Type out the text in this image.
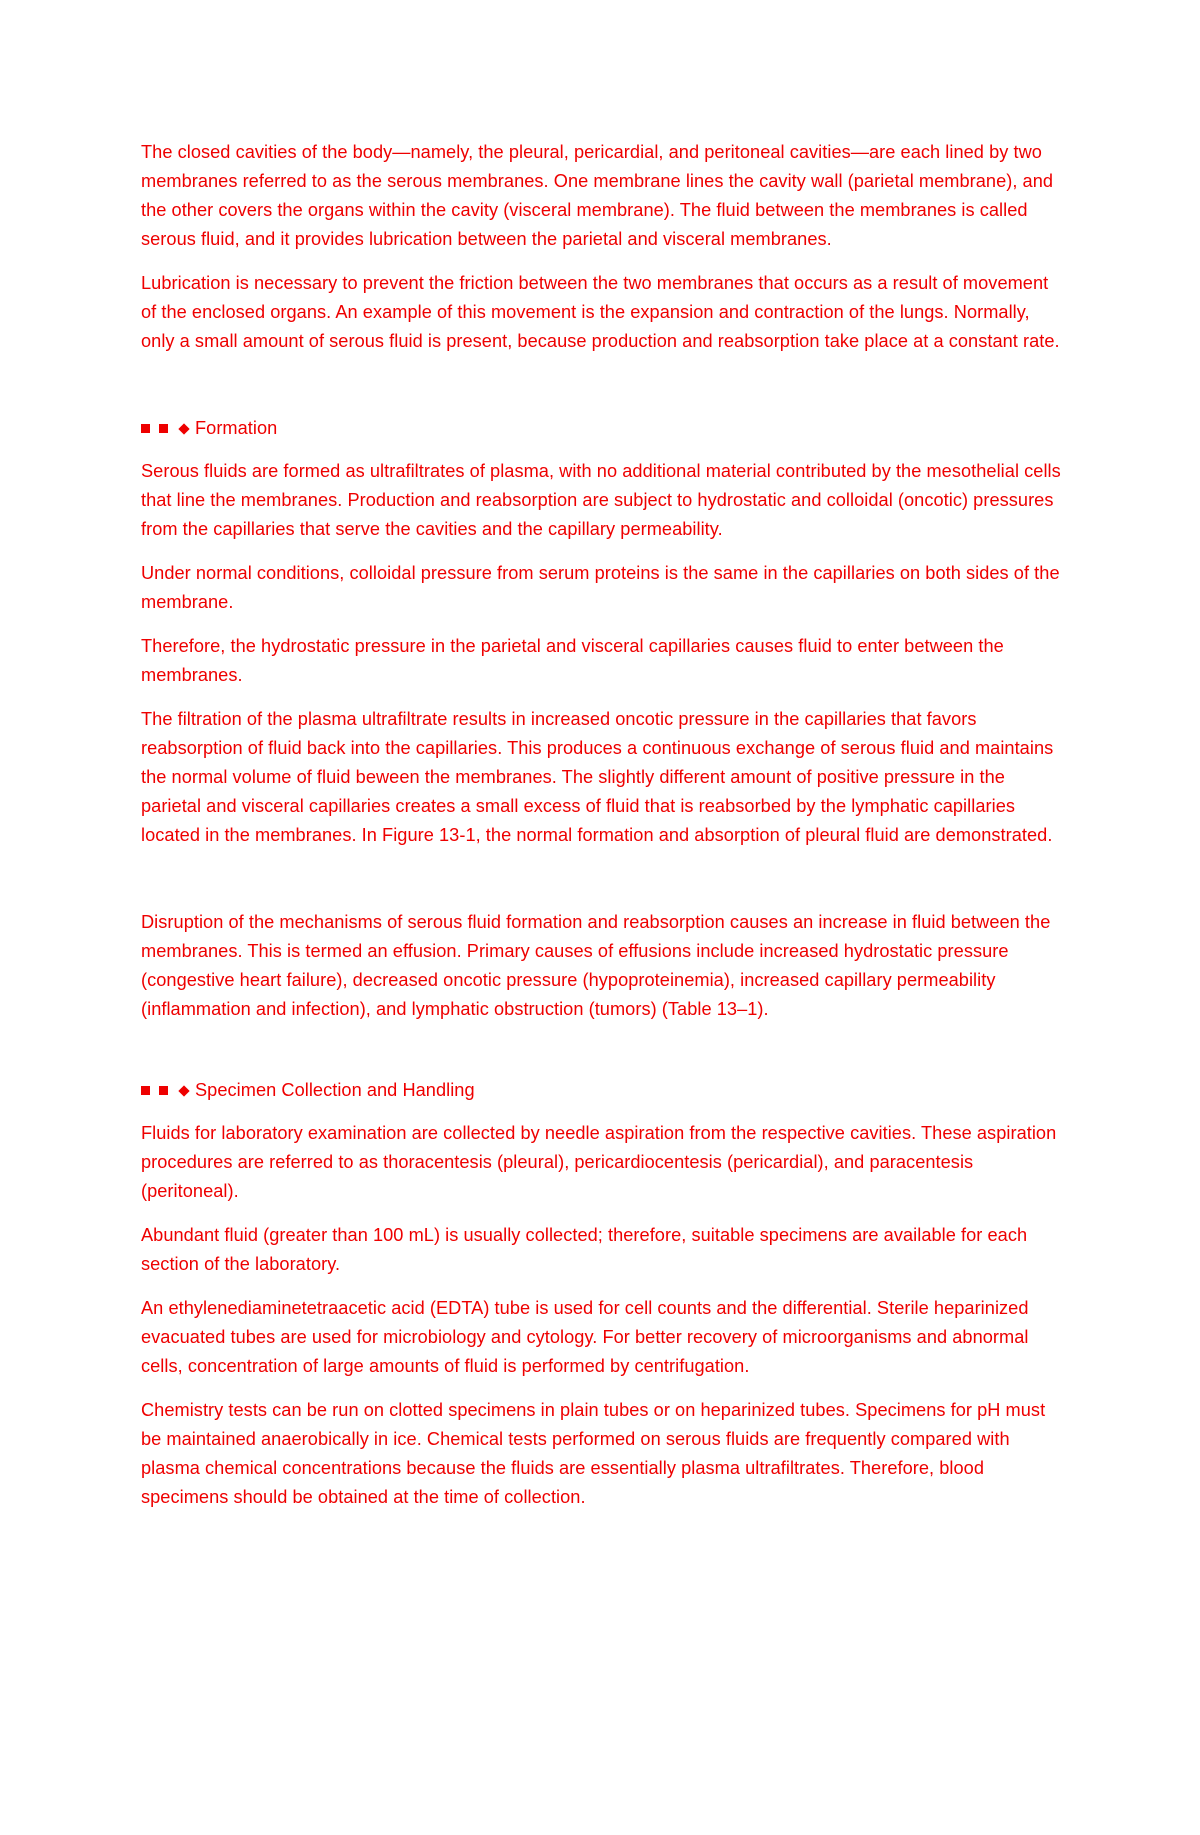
The closed cavities of the body—namely, the pleural, pericardial, and peritoneal cavities—are each lined by two membranes referred to as the serous membranes. One membrane lines the cavity wall (parietal membrane), and the other covers the organs within the cavity (visceral membrane). The fluid between the membranes is called serous fluid, and it provides lubrication between the parietal and visceral membranes.

Lubrication is necessary to prevent the friction between the two membranes that occurs as a result of movement of the enclosed organs. An example of this movement is the expansion and contraction of the lungs. Normally, only a small amount of serous fluid is present, because production and reabsorption take place at a constant rate.

Formation

Serous fluids are formed as ultrafiltrates of plasma, with no additional material contributed by the mesothelial cells that line the membranes. Production and reabsorption are subject to hydrostatic and colloidal (oncotic) pressures from the capillaries that serve the cavities and the capillary permeability.

Under normal conditions, colloidal pressure from serum proteins is the same in the capillaries on both sides of the membrane.

Therefore, the hydrostatic pressure in the parietal and visceral capillaries causes fluid to enter between the membranes.

The filtration of the plasma ultrafiltrate results in increased oncotic pressure in the capillaries that favors reabsorption of fluid back into the capillaries. This produces a continuous exchange of serous fluid and maintains the normal volume of fluid beween the membranes. The slightly different amount of positive pressure in the parietal and visceral capillaries creates a small excess of fluid that is reabsorbed by the lymphatic capillaries located in the membranes. In Figure 13-1, the normal formation and absorption of pleural fluid are demonstrated.

Disruption of the mechanisms of serous fluid formation and reabsorption causes an increase in fluid between the membranes. This is termed an effusion. Primary causes of effusions include increased hydrostatic pressure (congestive heart failure), decreased oncotic pressure (hypoproteinemia), increased capillary permeability (inflammation and infection), and lymphatic obstruction (tumors) (Table 13–1).

Specimen Collection and Handling

Fluids for laboratory examination are collected by needle aspiration from the respective cavities. These aspiration procedures are referred to as thoracentesis (pleural), pericardiocentesis (pericardial), and paracentesis (peritoneal).

Abundant fluid (greater than 100 mL) is usually collected; therefore, suitable specimens are available for each section of the laboratory.

An ethylenediaminetetraacetic acid (EDTA) tube is used for cell counts and the differential. Sterile heparinized evacuated tubes are used for microbiology and cytology. For better recovery of microorganisms and abnormal cells, concentration of large amounts of fluid is performed by centrifugation.

Chemistry tests can be run on clotted specimens in plain tubes or on heparinized tubes. Specimens for pH must be maintained anaerobically in ice. Chemical tests performed on serous fluids are frequently compared with plasma chemical concentrations because the fluids are essentially plasma ultrafiltrates. Therefore, blood specimens should be obtained at the time of collection.
